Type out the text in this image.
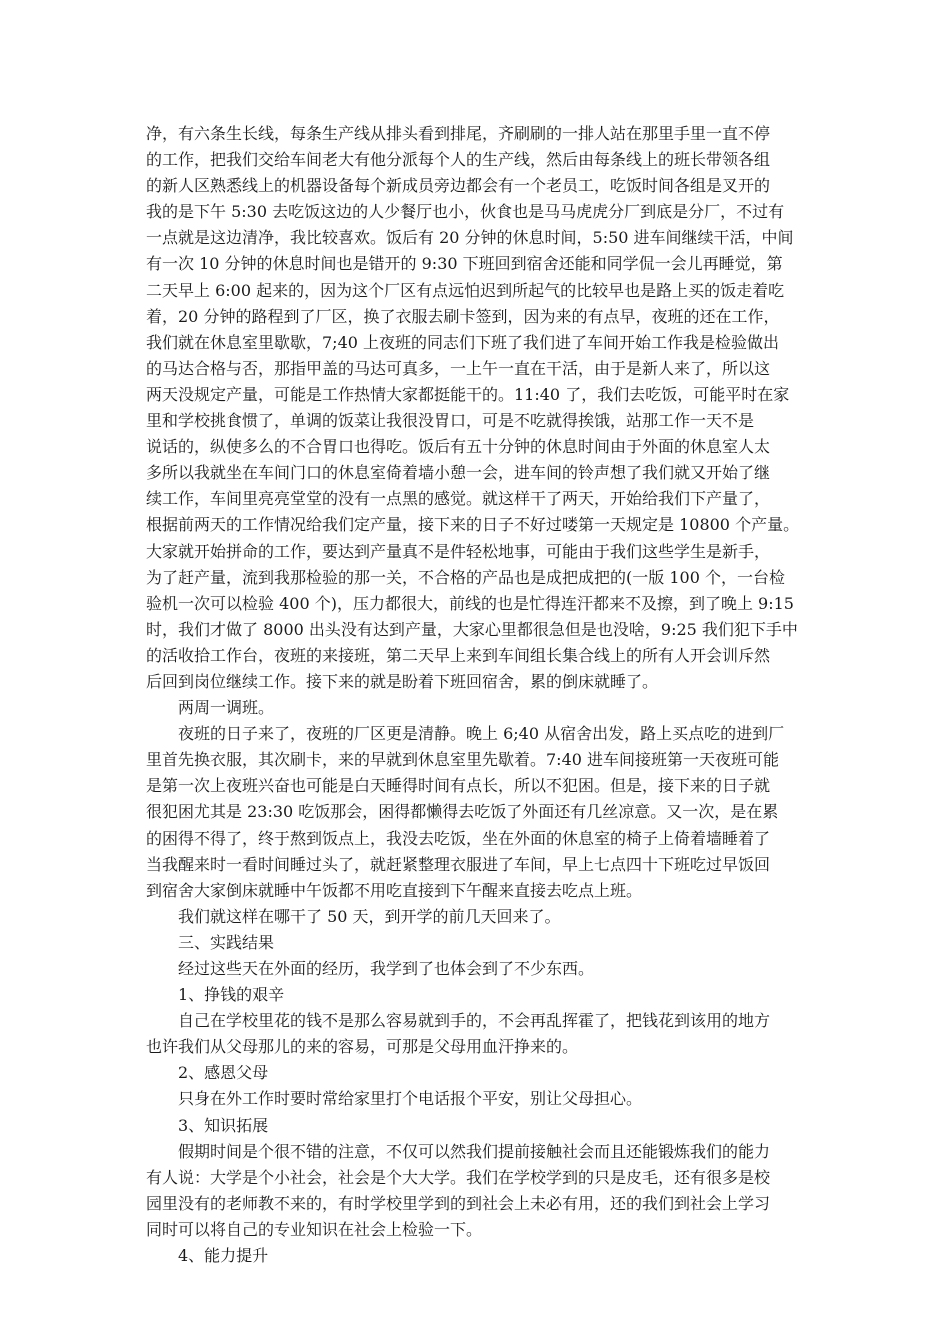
净，有六条生长线，每条生产线从排头看到排尾，齐刷刷的一排人站在那里手里一直不停
的工作，把我们交给车间老大有他分派每个人的生产线，然后由每条线上的班长带领各组
的新人区熟悉线上的机器设备每个新成员旁边都会有一个老员工，吃饭时间各组是叉开的
我的是下午 5:30 去吃饭这边的人少餐厅也小，伙食也是马马虎虎分厂到底是分厂，不过有
一点就是这边清净，我比较喜欢。饭后有 20 分钟的休息时间，5:50 进车间继续干活，中间
有一次 10 分钟的休息时间也是错开的 9:30 下班回到宿舍还能和同学侃一会儿再睡觉，第
二天早上 6:00 起来的，因为这个厂区有点远怕迟到所起气的比较早也是路上买的饭走着吃
着，20 分钟的路程到了厂区，换了衣服去刷卡签到，因为来的有点早，夜班的还在工作，
我们就在休息室里歇歇，7;40 上夜班的同志们下班了我们进了车间开始工作我是检验做出
的马达合格与否，那指甲盖的马达可真多，一上午一直在干活，由于是新人来了，所以这
两天没规定产量，可能是工作热情大家都挺能干的。11:40 了，我们去吃饭，可能平时在家
里和学校挑食惯了，单调的饭菜让我很没胃口，可是不吃就得挨饿，站那工作一天不是
说话的，纵使多么的不合胃口也得吃。饭后有五十分钟的休息时间由于外面的休息室人太
多所以我就坐在车间门口的休息室倚着墙小憩一会，进车间的铃声想了我们就又开始了继
续工作，车间里亮亮堂堂的没有一点黑的感觉。就这样干了两天，开始给我们下产量了，
根据前两天的工作情况给我们定产量，接下来的日子不好过喽第一天规定是 10800 个产量。
大家就开始拼命的工作，要达到产量真不是件轻松地事，可能由于我们这些学生是新手，
为了赶产量，流到我那检验的那一关，不合格的产品也是成把成把的(一版 100 个，一台检
验机一次可以检验 400 个)，压力都很大，前线的也是忙得连汗都来不及擦，到了晚上 9:15
时，我们才做了 8000 出头没有达到产量，大家心里都很急但是也没啥，9:25 我们犯下手中
的活收拾工作台，夜班的来接班，第二天早上来到车间组长集合线上的所有人开会训斥然
后回到岗位继续工作。接下来的就是盼着下班回宿舍，累的倒床就睡了。
两周一调班。
夜班的日子来了，夜班的厂区更是清静。晚上 6;40 从宿舍出发，路上买点吃的进到厂
里首先换衣服，其次刷卡，来的早就到休息室里先歇着。7:40 进车间接班第一天夜班可能
是第一次上夜班兴奋也可能是白天睡得时间有点长，所以不犯困。但是，接下来的日子就
很犯困尤其是 23:30 吃饭那会，困得都懒得去吃饭了外面还有几丝凉意。又一次，是在累
的困得不得了，终于熬到饭点上，我没去吃饭，坐在外面的休息室的椅子上倚着墙睡着了
当我醒来时一看时间睡过头了，就赶紧整理衣服进了车间，早上七点四十下班吃过早饭回
到宿舍大家倒床就睡中午饭都不用吃直接到下午醒来直接去吃点上班。
我们就这样在哪干了 50 天，到开学的前几天回来了。
三、实践结果
经过这些天在外面的经历，我学到了也体会到了不少东西。
1、挣钱的艰辛
自己在学校里花的钱不是那么容易就到手的，不会再乱挥霍了，把钱花到该用的地方
也许我们从父母那儿的来的容易，可那是父母用血汗挣来的。
2、感恩父母
只身在外工作时要时常给家里打个电话报个平安，别让父母担心。
3、知识拓展
假期时间是个很不错的注意，不仅可以然我们提前接触社会而且还能锻炼我们的能力
有人说：大学是个小社会，社会是个大大学。我们在学校学到的只是皮毛，还有很多是校
园里没有的老师教不来的，有时学校里学到的到社会上未必有用，还的我们到社会上学习
同时可以将自己的专业知识在社会上检验一下。
4、能力提升
